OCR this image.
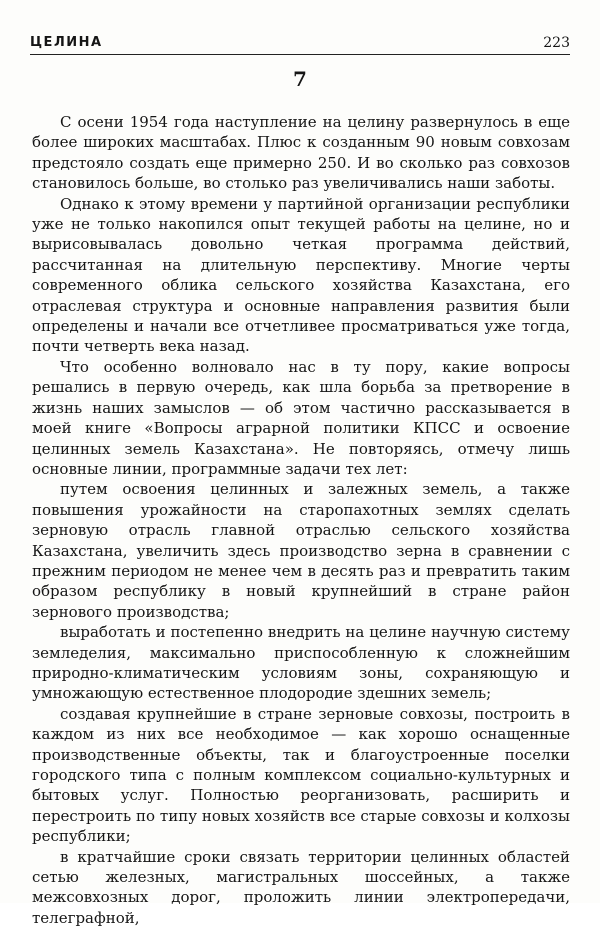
ЦЕЛИНА	223
7

С осени 1954 года наступление на целину развернулось в еще более широких масштабах. Плюс к созданным 90 новым совхозам предстояло создать еще примерно 250. И во сколько раз совхозов становилось больше, во столько раз увеличивались наши заботы.

Однако к этому времени у партийной организации республики уже не только накопился опыт текущей работы на целине, но и вырисовывалась довольно четкая программа действий, рассчитанная на длительную перспективу. Многие черты современного облика сельского хозяйства Казахстана, его отраслевая структура и основные направления развития были определены и начали все отчетливее просматриваться уже тогда, почти четверть века назад.

Что особенно волновало нас в ту пору, какие вопросы решались в первую очередь, как шла борьба за претворение в жизнь наших замыслов — об этом частично рассказывается в моей книге «Вопросы аграрной политики КПСС и освоение целинных земель Казахстана». Не повторяясь, отмечу лишь основные линии, программные задачи тех лет:

путем освоения целинных и залежных земель, а также повышения урожайности на старопахотных землях сделать зерновую отрасль главной отраслью сельского хозяйства Казахстана, увеличить здесь производство зерна в сравнении с прежним периодом не менее чем в десять раз и превратить таким образом республику в новый крупнейший в стране район зернового производства;

выработать и постепенно внедрить на целине научную систему земледелия, максимально приспособленную к сложнейшим природно-климатическим условиям зоны, сохраняющую и умножающую естественное плодородие здешних земель;

создавая крупнейшие в стране зерновые совхозы, построить в каждом из них все необходимое — как хорошо оснащенные производственные объекты, так и благоустроенные поселки городского типа с полным комплексом социально-культурных и бытовых услуг. Полностью реорганизовать, расширить и перестроить по типу новых хозяйств все старые совхозы и колхозы республики;

в кратчайшие сроки связать территории целинных областей сетью железных, магистральных шоссейных, а также межсовхозных дорог, проложить линии электропередачи, телеграфной,
